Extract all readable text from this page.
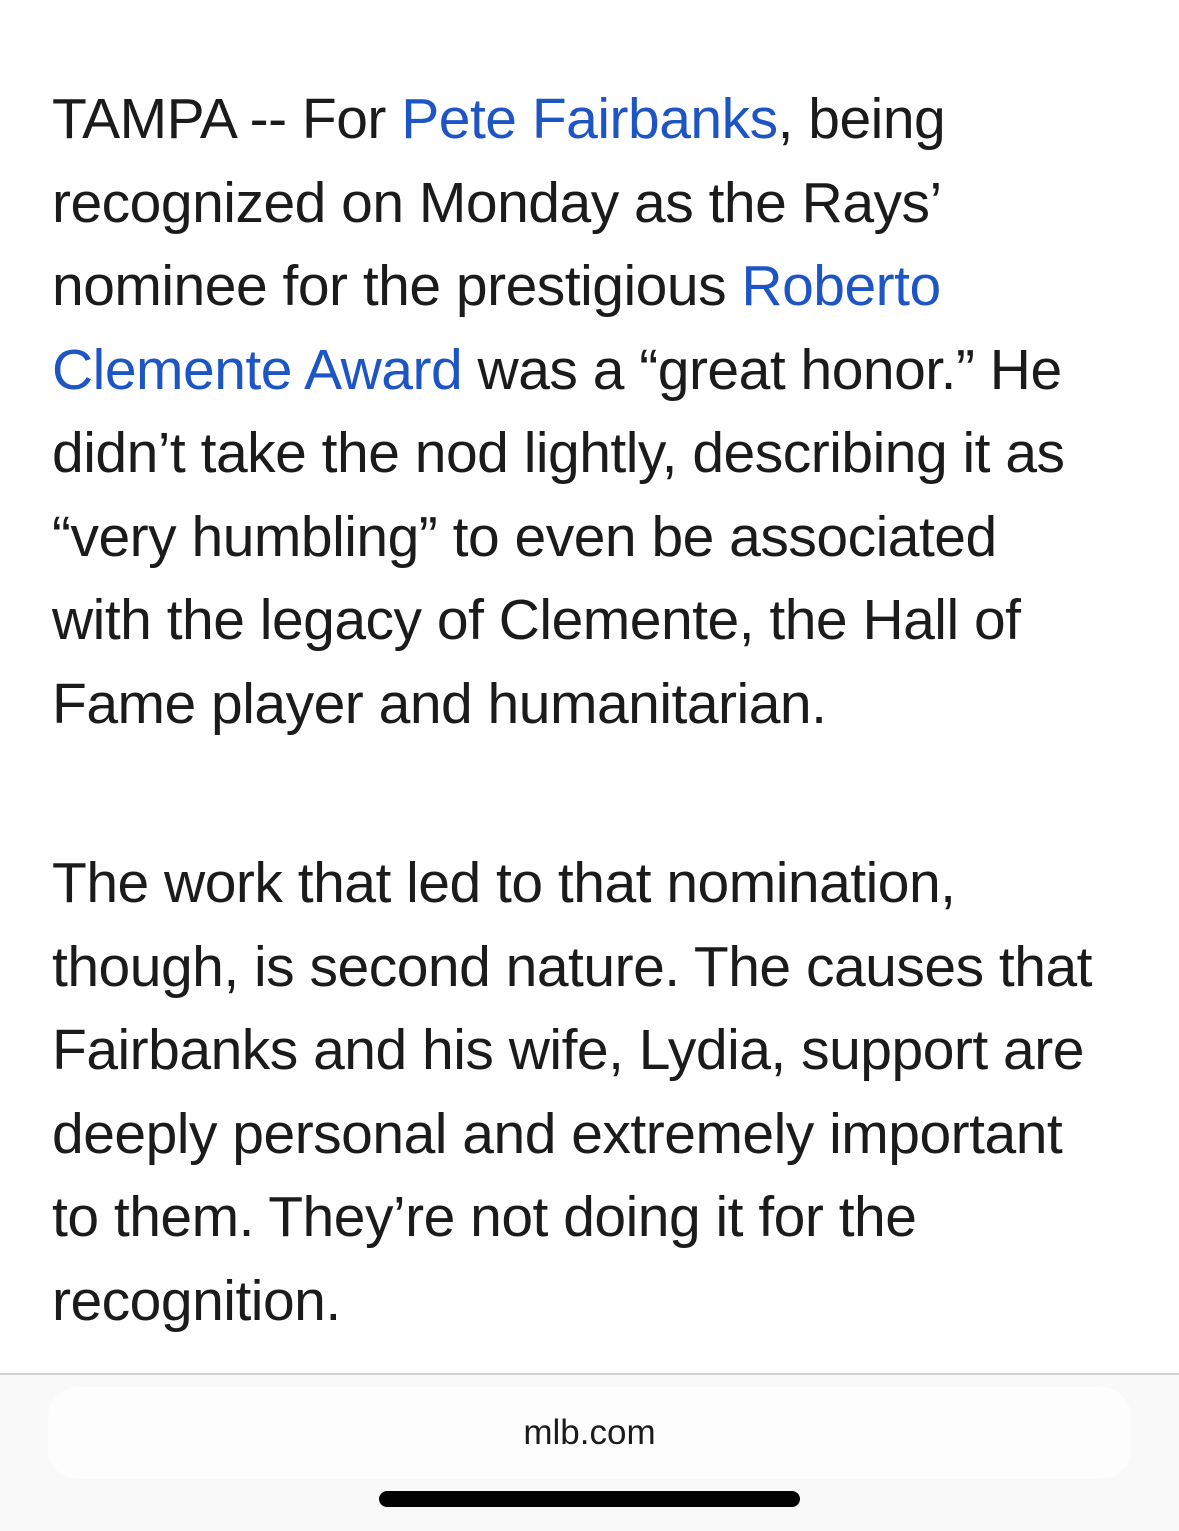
TAMPA -- For Pete Fairbanks, being
recognized on Monday as the Rays’
nominee for the prestigious Roberto
Clemente Award was a “great honor.” He
didn’t take the nod lightly, describing it as
“very humbling” to even be associated
with the legacy of Clemente, the Hall of
Fame player and humanitarian.
The work that led to that nomination,
though, is second nature. The causes that
Fairbanks and his wife, Lydia, support are
deeply personal and extremely important
to them. They’re not doing it for the
recognition.
mlb.com
